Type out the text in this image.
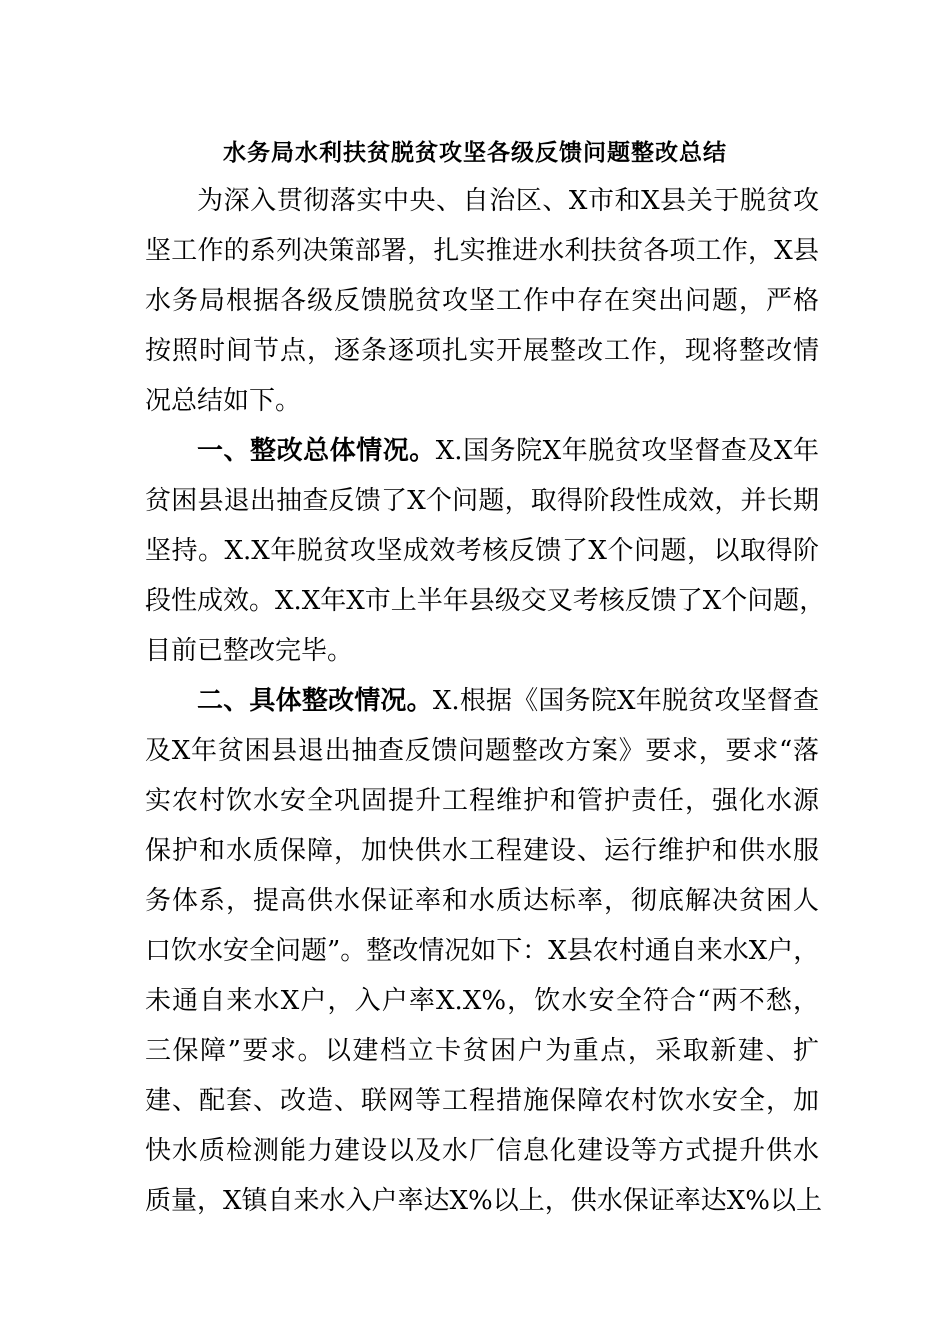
水务局水利扶贫脱贫攻坚各级反馈问题整改总结
为深入贯彻落实中央、自治区、X市和X县关于脱贫攻
坚工作的系列决策部署，扎实推进水利扶贫各项工作，X县
水务局根据各级反馈脱贫攻坚工作中存在突出问题，严格
按照时间节点，逐条逐项扎实开展整改工作，现将整改情
况总结如下。
一、整改总体情况。X.国务院X年脱贫攻坚督查及X年
贫困县退出抽查反馈了X个问题，取得阶段性成效，并长期
坚持。X.X年脱贫攻坚成效考核反馈了X个问题，以取得阶
段性成效。X.X年X市上半年县级交叉考核反馈了X个问题，
目前已整改完毕。
二、具体整改情况。X.根据《国务院X年脱贫攻坚督查
及X年贫困县退出抽查反馈问题整改方案》要求，要求“落
实农村饮水安全巩固提升工程维护和管护责任，强化水源
保护和水质保障，加快供水工程建设、运行维护和供水服
务体系，提高供水保证率和水质达标率，彻底解决贫困人
口饮水安全问题”。整改情况如下：X县农村通自来水X户，
未通自来水X户，入户率X.X%，饮水安全符合“两不愁，
三保障”要求。以建档立卡贫困户为重点，采取新建、扩
建、配套、改造、联网等工程措施保障农村饮水安全，加
快水质检测能力建设以及水厂信息化建设等方式提升供水
质量，X镇自来水入户率达X%以上，供水保证率达X%以上
